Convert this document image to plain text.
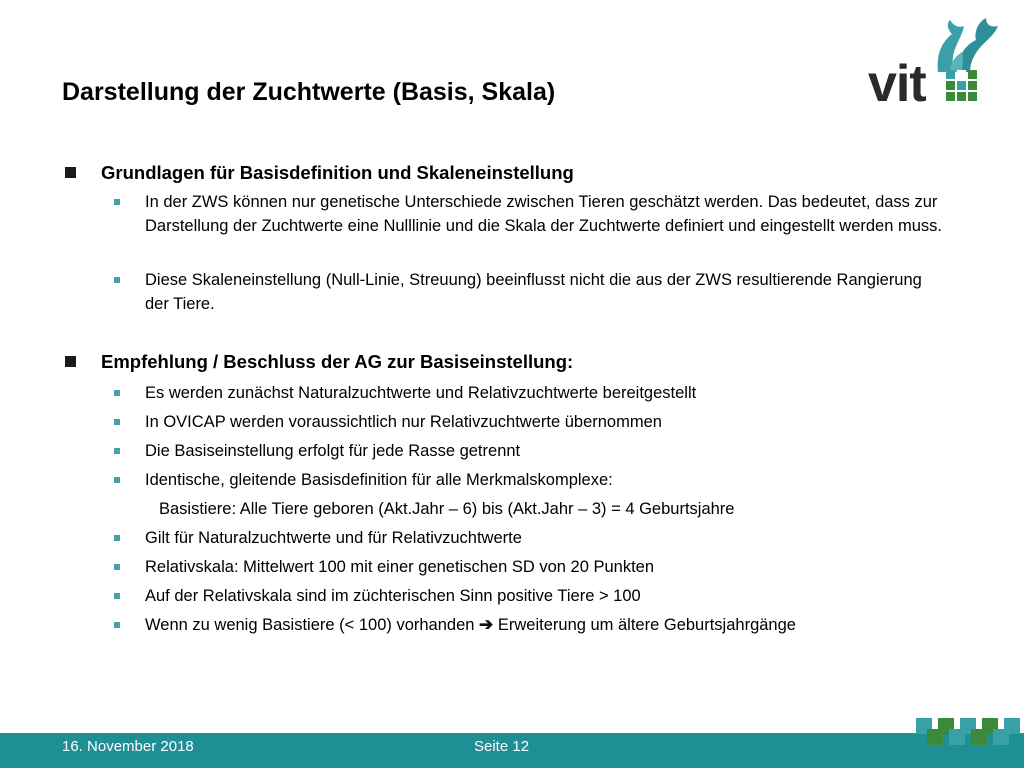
Darstellung der Zuchtwerte (Basis, Skala)	vit
Grundlagen für Basisdefinition und Skaleneinstellung
In der ZWS können nur genetische Unterschiede zwischen Tieren geschätzt werden. Das bedeutet, dass zur Darstellung der Zuchtwerte eine Nulllinie und die Skala der Zuchtwerte definiert und eingestellt werden muss.
Diese Skaleneinstellung (Null-Linie, Streuung) beeinflusst nicht die aus der ZWS resultierende Rangierung der Tiere.
Empfehlung / Beschluss der AG zur Basiseinstellung:
Es werden zunächst Naturalzuchtwerte und Relativzuchtwerte bereitgestellt
In OVICAP werden voraussichtlich nur Relativzuchtwerte übernommen
Die Basiseinstellung erfolgt für jede Rasse getrennt
Identische, gleitende Basisdefinition für alle Merkmalskomplexe:
Basistiere: Alle Tiere geboren (Akt.Jahr – 6) bis (Akt.Jahr – 3) = 4 Geburtsjahre
Gilt für Naturalzuchtwerte und für Relativzuchtwerte
Relativskala: Mittelwert 100 mit einer genetischen SD von 20 Punkten
Auf der Relativskala sind im züchterischen Sinn positive Tiere > 100
Wenn zu wenig Basistiere (< 100) vorhanden ➔ Erweiterung um ältere Geburtsjahrgänge
16. November 2018	Seite 12
